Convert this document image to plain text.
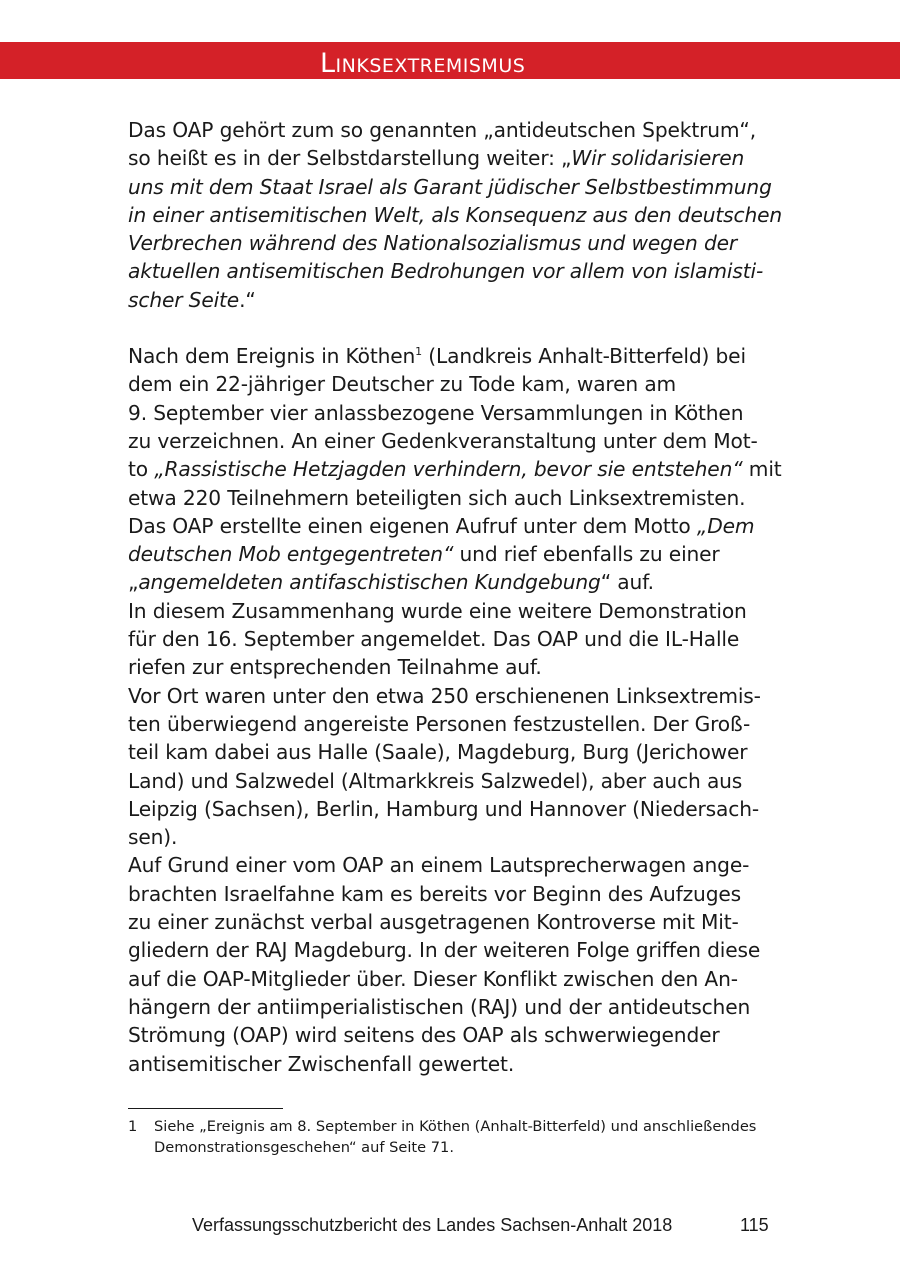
Linksextremismus

Das OAP gehört zum so genannten „antideutschen Spektrum“,
so heißt es in der Selbstdarstellung weiter: „Wir solidarisieren
uns mit dem Staat Israel als Garant jüdischer Selbstbestimmung
in einer antisemitischen Welt, als Konsequenz aus den deutschen
Verbrechen während des Nationalsozialismus und wegen der
aktuellen antisemitischen Bedrohungen vor allem von islamisti-
scher Seite.“

Nach dem Ereignis in Köthen$^1$ (Landkreis Anhalt-Bitterfeld) bei
dem ein 22-jähriger Deutscher zu Tode kam, waren am
9. September vier anlassbezogene Versammlungen in Köthen
zu verzeichnen. An einer Gedenkveranstaltung unter dem Mot-
to „Rassistische Hetzjagden verhindern, bevor sie entstehen“ mit
etwa 220 Teilnehmern beteiligten sich auch Linksextremisten.
Das OAP erstellte einen eigenen Aufruf unter dem Motto „Dem
deutschen Mob entgegentreten“ und rief ebenfalls zu einer
„angemeldeten antifaschistischen Kundgebung“ auf.
In diesem Zusammenhang wurde eine weitere Demonstration
für den 16. September angemeldet. Das OAP und die IL-Halle
riefen zur entsprechenden Teilnahme auf.
Vor Ort waren unter den etwa 250 erschienenen Linksextremis-
ten überwiegend angereiste Personen festzustellen. Der Groß-
teil kam dabei aus Halle (Saale), Magdeburg, Burg (Jerichower
Land) und Salzwedel (Altmarkkreis Salzwedel), aber auch aus
Leipzig (Sachsen), Berlin, Hamburg und Hannover (Niedersach-
sen).
Auf Grund einer vom OAP an einem Lautsprecherwagen ange-
brachten Israelfahne kam es bereits vor Beginn des Aufzuges
zu einer zunächst verbal ausgetragenen Kontroverse mit Mit-
gliedern der RAJ Magdeburg. In der weiteren Folge griffen diese
auf die OAP-Mitglieder über. Dieser Konflikt zwischen den An-
hängern der antiimperialistischen (RAJ) und der antideutschen
Strömung (OAP) wird seitens des OAP als schwerwiegender
antisemitischer Zwischenfall gewertet.

1 Siehe „Ereignis am 8. September in Köthen (Anhalt-Bitterfeld) und anschließendes
Demonstrationsgeschehen“ auf Seite 71.
Verfassungsschutzbericht des Landes Sachsen-Anhalt 2018	115
